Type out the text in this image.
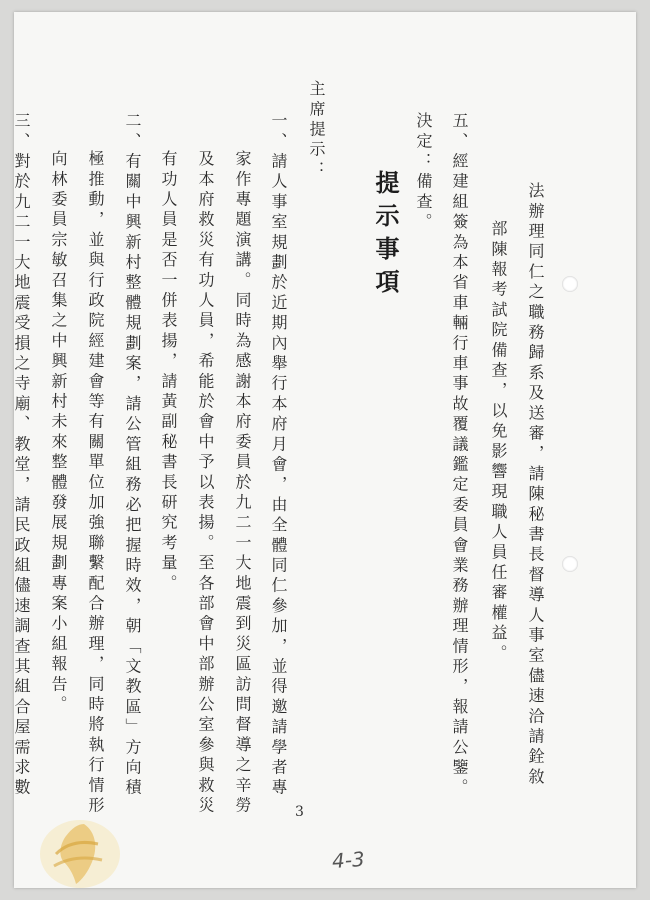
法辦理同仁之職務歸系及送審，請陳秘書長督導人事室儘速洽請銓敘
部陳報考試院備查，以免影響現職人員任審權益。
五、經建組簽為本省車輛行車事故覆議鑑定委員會業務辦理情形，報請公鑒。
決定：備查。
提示事項
主席提示：
一、請人事室規劃於近期內舉行本府月會，由全體同仁參加，並得邀請學者專
家作專題演講。同時為感謝本府委員於九二一大地震到災區訪問督導之辛勞
及本府救災有功人員，希能於會中予以表揚。至各部會中部辦公室參與救災
有功人員是否一併表揚，請黃副秘書長研究考量。
二、有關中興新村整體規劃案，請公管組務必把握時效，朝「文教區」方向積
極推動，並與行政院經建會等有關單位加強聯繫配合辦理，同時將執行情形
向林委員宗敏召集之中興新村未來整體發展規劃專案小組報告。
三、對於九二一大地震受損之寺廟、教堂，請民政組儘速調查其組合屋需求數
3
4-3
